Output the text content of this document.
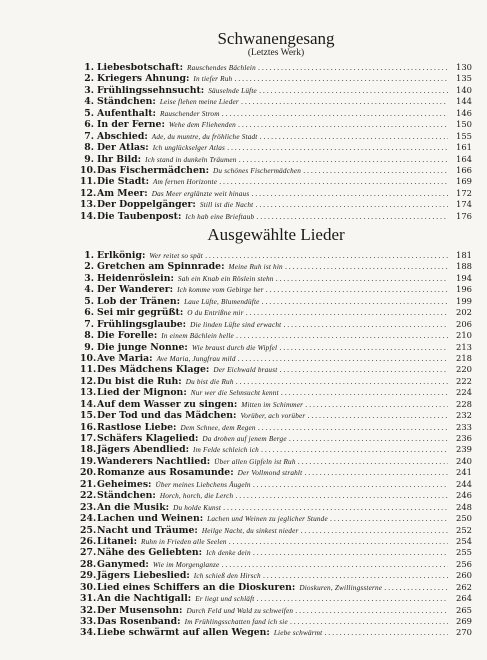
Schwanengesang
(Letztes Werk)
1. Liebesbotschaft: Rauschendes Bächlein .....	130
2. Kriegers Ahnung: In tiefer Ruh .....	135
3. Frühlingssehnsucht: Säuselnde Lüfte .....	140
4. Ständchen: Leise flehen meine Lieder .....	144
5. Aufenthalt: Rauschender Strom .....	146
6. In der Ferne: Wehe dem Fliehenden .....	150
7. Abschied: Ade, du muntre, du fröhliche Stadt .....	155
8. Der Atlas: Ich unglückselger Atlas .....	161
9. Ihr Bild: Ich stand in dunkeln Träumen .....	164
10. Das Fischermädchen: Du schönes Fischermädchen .....	166
11. Die Stadt: Am fernen Horizonte .....	169
12. Am Meer: Das Meer erglänzte weit hinaus .....	172
13. Der Doppelgänger: Still ist die Nacht .....	174
14. Die Taubenpost: Ich hab eine Brieftaub .....	176
Ausgewählte Lieder
1. Erlkönig: Wer reitet so spät .....	181
2. Gretchen am Spinnrade: Meine Ruh ist hin .....	188
3. Heidenröslein: Sah ein Knab ein Röslein stehn .....	194
4. Der Wanderer: Ich komme vom Gebirge her .....	196
5. Lob der Tränen: Laue Lüfte, Blumendüfte .....	199
6. Sei mir gegrüßt: O du Entrißne mir .....	202
7. Frühlingsglaube: Die linden Lüfte sind erwacht .....	206
8. Die Forelle: In einem Bächlein helle .....	210
9. Die junge Nonne: Wie braust durch die Wipfel .....	213
10. Ave Maria: Ave Maria, Jungfrau mild .....	218
11. Des Mädchens Klage: Der Eichwald braust .....	220
12. Du bist die Ruh: Du bist die Ruh .....	222
13. Lied der Mignon: Nur wer die Sehnsucht kennt .....	224
14. Auf dem Wasser zu singen: Mitten im Schimmer .....	228
15. Der Tod und das Mädchen: Vorüber, ach vorüber .....	232
16. Rastlose Liebe: Dem Schnee, dem Regen .....	233
17. Schäfers Klagelied: Da droben auf jenem Berge .....	236
18. Jägers Abendlied: Im Felde schleich ich .....	239
19. Wanderers Nachtlied: Über allen Gipfeln ist Ruh .....	240
20. Romanze aus Rosamunde: Der Vollmond strahlt .....	241
21. Geheimes: Über meines Liebchens Äugeln .....	244
22. Ständchen: Horch, horch, die Lerch .....	246
23. An die Musik: Du holde Kunst .....	248
24. Lachen und Weinen: Lachen und Weinen zu jeglicher Stunde .....	250
25. Nacht und Träume: Heilge Nacht, du sinkest nieder .....	252
26. Litanei: Ruhn in Frieden alle Seelen .....	254
27. Nähe des Geliebten: Ich denke dein .....	255
28. Ganymed: Wie im Morgenglanze .....	256
29. Jägers Liebeslied: Ich schieß den Hirsch .....	260
30. Lied eines Schiffers an die Dioskuren: Dioskuren, Zwillingssterne .....	262
31. An die Nachtigall: Er liegt und schläft .....	264
32. Der Musensohn: Durch Feld und Wald zu schweifen .....	265
33. Das Rosenband: Im Frühlingsschatten fand ich sie .....	269
34. Liebe schwärmt auf allen Wegen: Liebe schwärmt .....	270
